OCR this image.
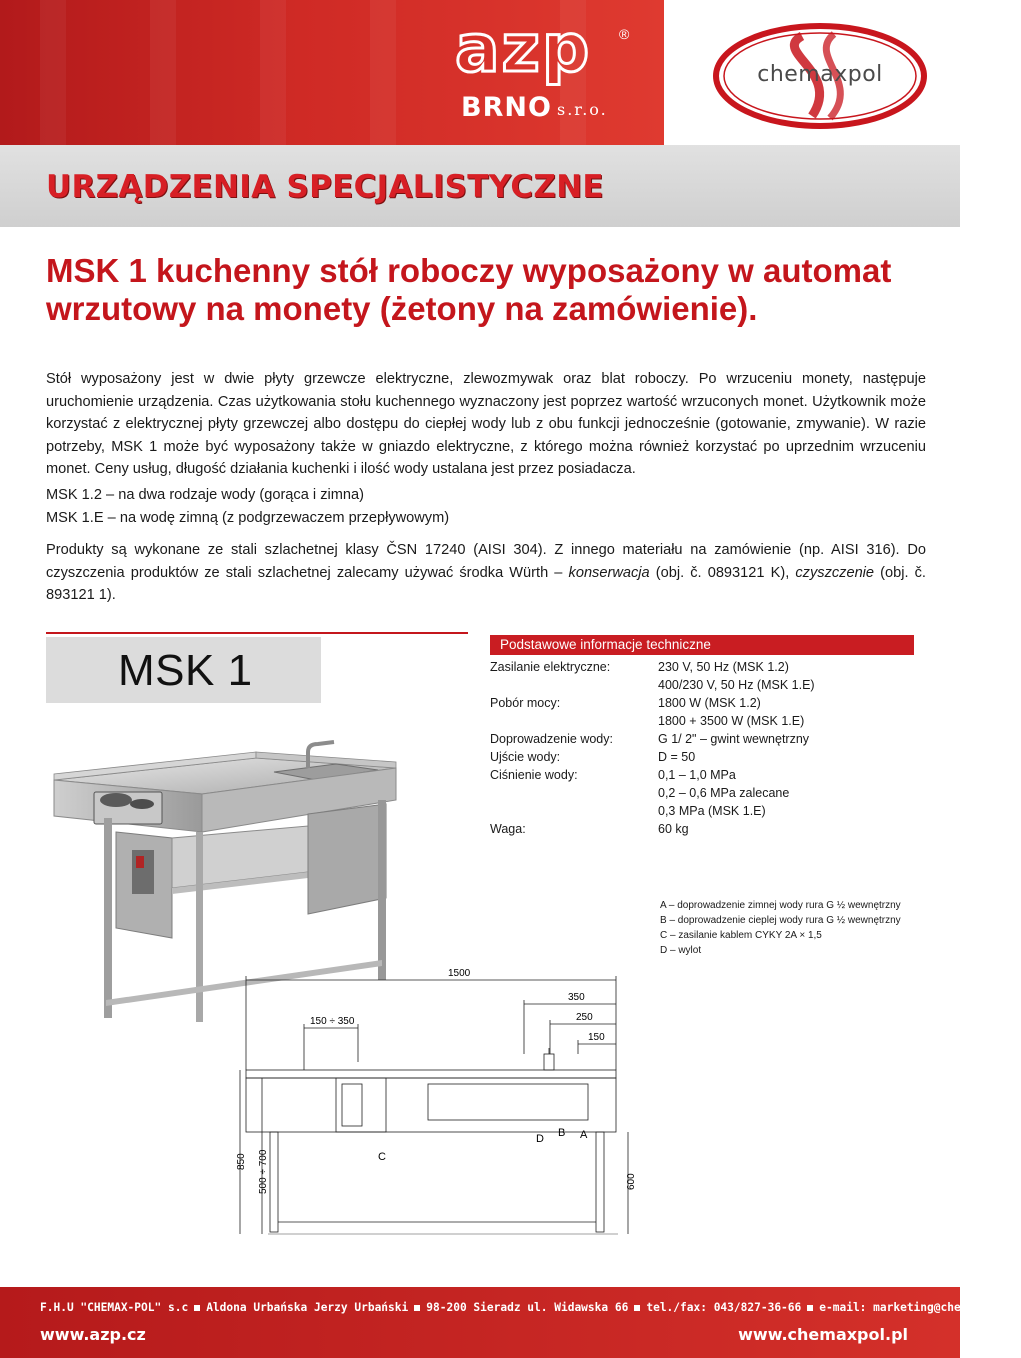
azp ®
BRNO s.r.o.
chemaxpol
URZĄDZENIA SPECJALISTYCZNE
MSK 1 kuchenny stół roboczy wyposażony w automat wrzutowy na monety (żetony na zamówienie).

Stół wyposażony jest w dwie płyty grzewcze elektryczne, zlewozmywak oraz blat roboczy. Po wrzuceniu monety, następuje uruchomienie urządzenia. Czas użytkowania stołu kuchennego wyznaczony jest poprzez wartość wrzuconych monet. Użytkownik może korzystać z elektrycznej płyty grzewczej albo dostępu do ciepłej wody lub z obu funkcji jednocześnie (gotowanie, zmywanie). W razie potrzeby, MSK 1 może być wyposażony także w gniazdo elektryczne, z którego można również korzystać po uprzednim wrzuceniu monet. Ceny usług, długość działania kuchenki i ilość wody ustalana jest przez posiadacza.

MSK 1.2 – na dwa rodzaje wody (gorąca i zimna)
MSK 1.E – na wodę zimną (z podgrzewaczem przepływowym)

Produkty są wykonane ze stali szlachetnej klasy ČSN 17240 (AISI 304). Z innego materiału na zamówienie (np. AISI 316). Do czyszczenia produktów ze stali szlachetnej zalecamy używać środka Würth – konserwacja (obj. č. 0893121 K), czyszczenie (obj. č. 893121 1).

MSK 1
Podstawowe informacje techniczne
Zasilanie elektryczne:	230 V, 50 Hz (MSK 1.2)
400/230 V, 50 Hz (MSK 1.E)
Pobór mocy:	1800 W (MSK 1.2)
1800 + 3500 W (MSK 1.E)
Doprowadzenie wody:	G 1/ 2" – gwint wewnętrzny
Ujście wody:	D = 50
Ciśnienie wody:	0,1 – 1,0 MPa
0,2 – 0,6 MPa zalecane
0,3 MPa (MSK 1.E)
Waga:	60 kg
A – doprowadzenie zimnej wody rura G ½ wewnętrzny
B – doprowadzenie cieplej wody rura G ½ wewnętrzny
C – zasilanie kablem CYKY 2A × 1,5
D – wylot
1500
350
250
150
150 ÷ 350
850 500 ÷ 700	600
A
B
C
D
F.H.U "CHEMAX-POL" s.c Aldona Urbańska Jerzy Urbański 98-200 Sieradz ul. Widawska 66 tel./fax: 043/827-36-66 e-mail: marketing@chemaxpol.pl
www.azp.cz	www.chemaxpol.pl
